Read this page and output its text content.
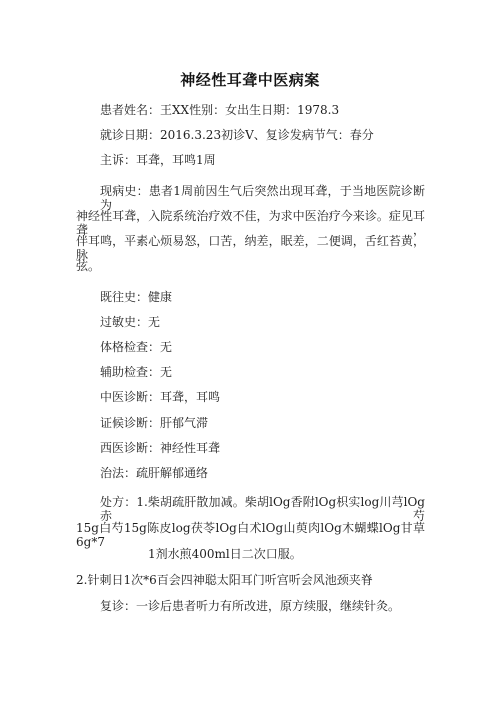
神经性耳聋中医病案
患者姓名：王XX性别：女出生日期：1978.3
就诊日期：2016.3.23初诊V、复诊发病节气：春分
主诉：耳聋，耳鸣1周
现病史：患者1周前因生气后突然出现耳聋，于当地医院诊断为
神经性耳聋，入院系统治疗效不佳，为求中医治疗今来诊。症见耳聋，
伴耳鸣，平素心烦易怒，口苦，纳差，眠差，二便调，舌红苔黄，脉
弦。
既往史：健康
过敏史：无
体格检查：无
辅助检查：无
中医诊断：耳聋，耳鸣
证候诊断：肝郁气滞
西医诊断：神经性耳聋
治法：疏肝解郁通络
处方：1.柴胡疏肝散加减。柴胡lOg香附lOg枳实log川芎lOg赤芍
15g白芍15g陈皮log茯苓lOg白术lOg山萸肉lOg木蝴蝶lOg甘草6g*7
1剂水煎400ml日二次口服。
2.针刺日1次*6百会四神聪太阳耳门听宫听会风池颈夹脊
复诊：一诊后患者听力有所改进，原方续服，继续针灸。
